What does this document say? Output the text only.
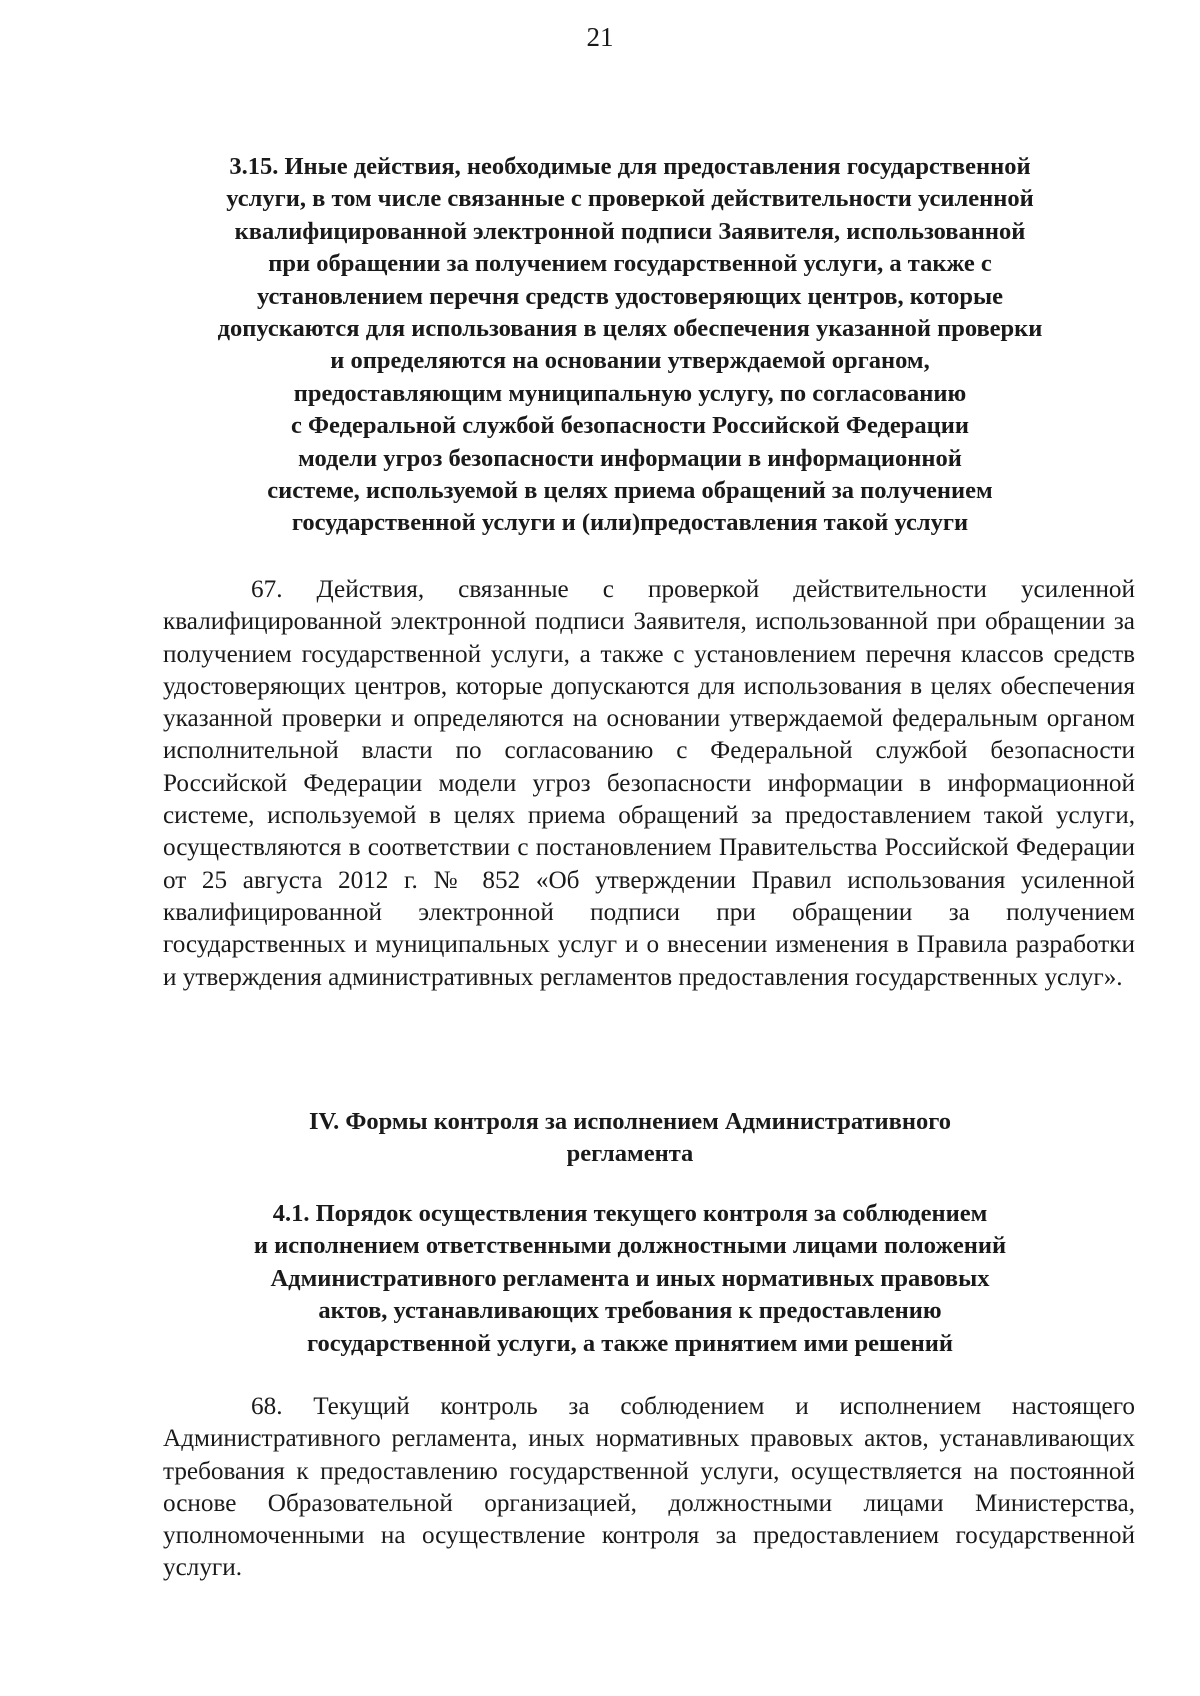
21
3.15. Иные действия, необходимые для предоставления государственной
услуги, в том числе связанные с проверкой действительности усиленной
квалифицированной электронной подписи Заявителя, использованной
при обращении за получением государственной услуги, а также с
установлением перечня средств удостоверяющих центров, которые
допускаются для использования в целях обеспечения указанной проверки
и определяются на основании утверждаемой органом,
предоставляющим муниципальную услугу, по согласованию
с Федеральной службой безопасности Российской Федерации
модели угроз безопасности информации в информационной
системе, используемой в целях приема обращений за получением
государственной услуги и (или)предоставления такой услуги

67. Действия, связанные с проверкой действительности усиленной квалифицированной электронной подписи Заявителя, использованной при обращении за получением государственной услуги, а также с установлением перечня классов средств удостоверяющих центров, которые допускаются для использования в целях обеспечения указанной проверки и определяются на основании утверждаемой федеральным органом исполнительной власти по согласованию с Федеральной службой безопасности Российской Федерации модели угроз безопасности информации в информационной системе, используемой в целях приема обращений за предоставлением такой услуги, осуществляются в соответствии с постановлением Правительства Российской Федерации от 25 августа 2012 г. № 852 «Об утверждении Правил использования усиленной квалифицированной электронной подписи при обращении за получением государственных и муниципальных услуг и о внесении изменения в Правила разработки и утверждения административных регламентов предоставления государственных услуг».

IV. Формы контроля за исполнением Административного
регламента
4.1. Порядок осуществления текущего контроля за соблюдением
и исполнением ответственными должностными лицами положений
Административного регламента и иных нормативных правовых
актов, устанавливающих требования к предоставлению
государственной услуги, а также принятием ими решений

68. Текущий контроль за соблюдением и исполнением настоящего Административного регламента, иных нормативных правовых актов, устанавливающих требования к предоставлению государственной услуги, осуществляется на постоянной основе Образовательной организацией, должностными лицами Министерства, уполномоченными на осуществление контроля за предоставлением государственной услуги.
